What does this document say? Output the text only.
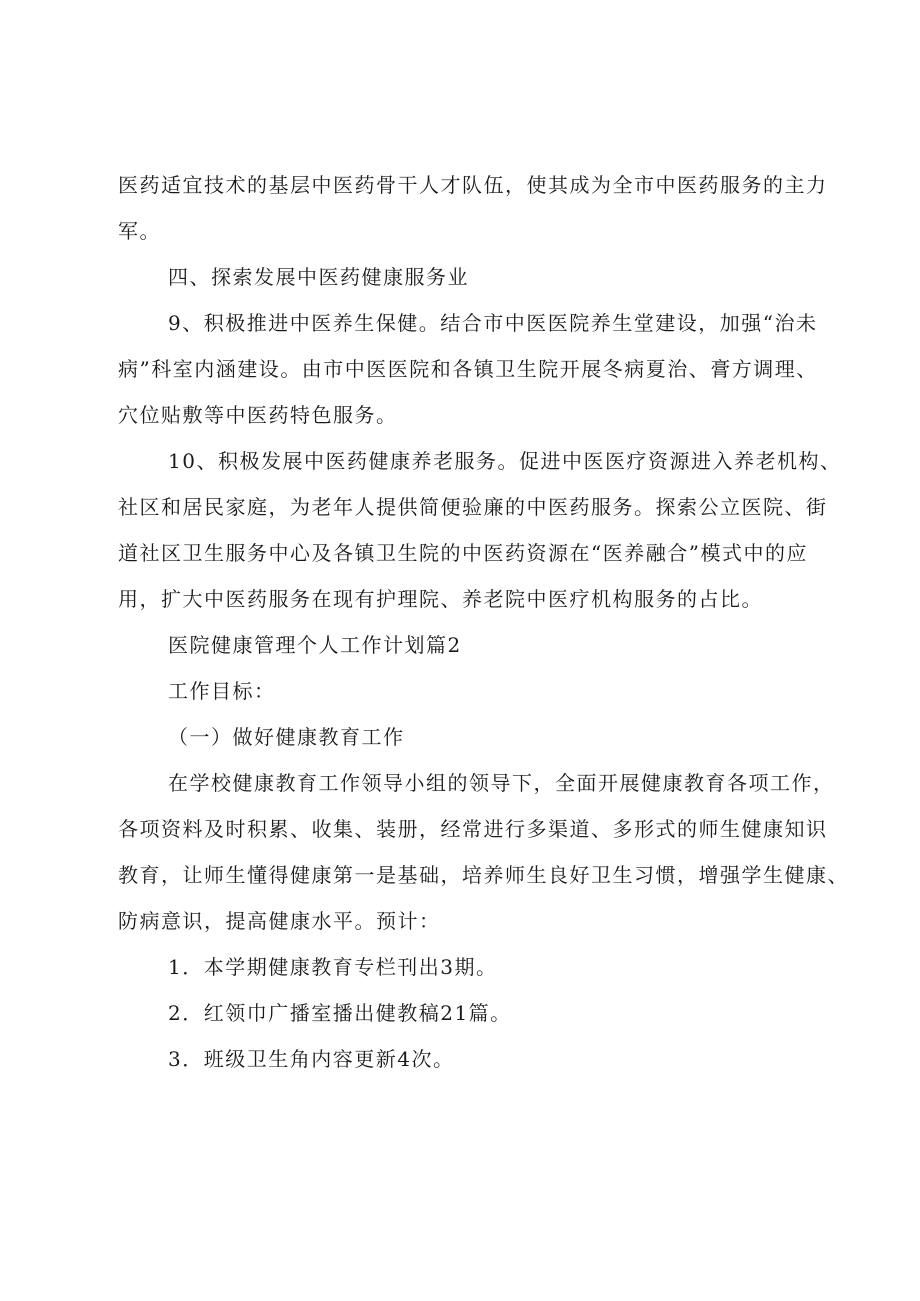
医药适宜技术的基层中医药骨干人才队伍，使其成为全市中医药服务的主力
军。
四、探索发展中医药健康服务业
9、积极推进中医养生保健。结合市中医医院养生堂建设，加强“治未
病”科室内涵建设。由市中医医院和各镇卫生院开展冬病夏治、膏方调理、
穴位贴敷等中医药特色服务。
10、积极发展中医药健康养老服务。促进中医医疗资源进入养老机构、
社区和居民家庭，为老年人提供简便验廉的中医药服务。探索公立医院、街
道社区卫生服务中心及各镇卫生院的中医药资源在“医养融合”模式中的应
用，扩大中医药服务在现有护理院、养老院中医疗机构服务的占比。
医院健康管理个人工作计划篇2
工作目标：
（一）做好健康教育工作
在学校健康教育工作领导小组的领导下，全面开展健康教育各项工作，
各项资料及时积累、收集、装册，经常进行多渠道、多形式的师生健康知识
教育，让师生懂得健康第一是基础，培养师生良好卫生习惯，增强学生健康、
防病意识，提高健康水平。预计：
1．本学期健康教育专栏刊出3期。
2．红领巾广播室播出健教稿21篇。
3．班级卫生角内容更新4次。
